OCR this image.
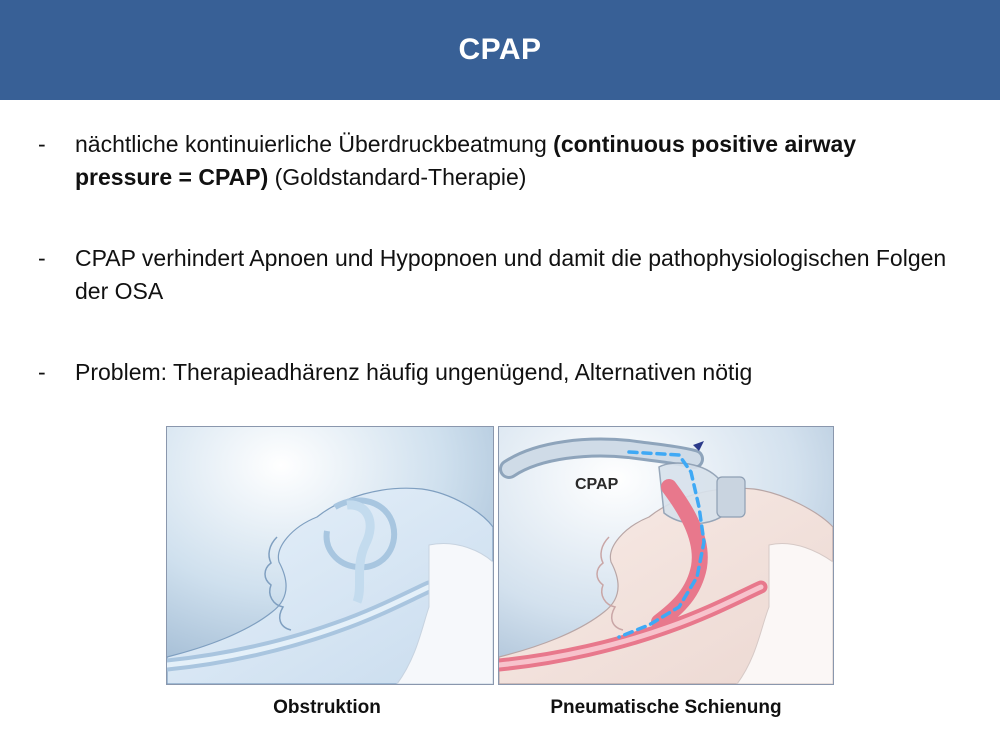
CPAP
- nächtliche kontinuierliche Überdruckbeatmung (continuous positive airway pressure = CPAP) (Goldstandard-Therapie)
- CPAP verhindert Apnoen und Hypopnoen und damit die pathophysiologischen Folgen der OSA
- Problem: Therapieadhärenz häufig ungenügend, Alternativen nötig
CPAP
Obstruktion	Pneumatische Schienung
